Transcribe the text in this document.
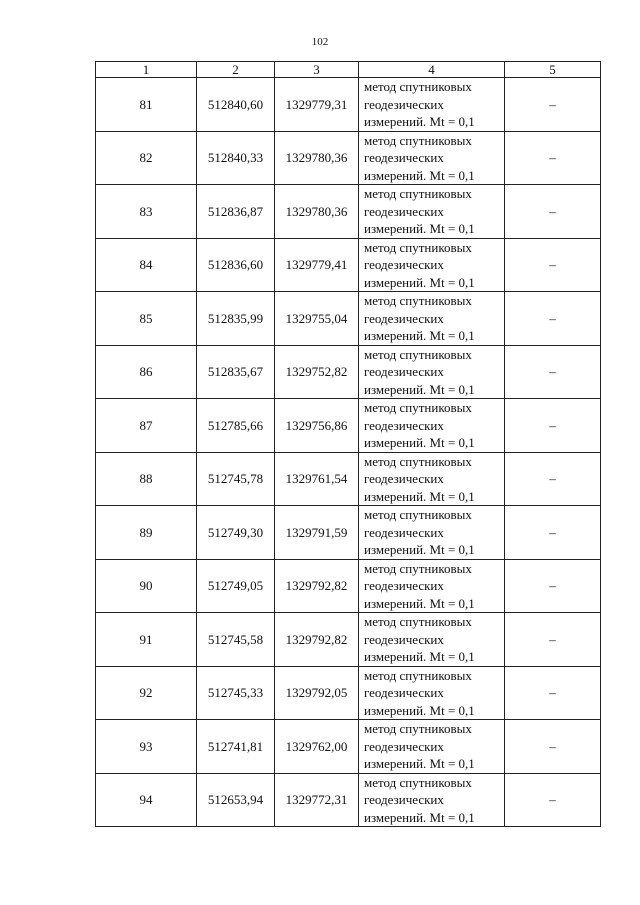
102
1	2	3	4	5
81	512840,60	1329779,31	метод спутниковых
геодезических
измерений. Mt = 0,1	–
82	512840,33	1329780,36	метод спутниковых
геодезических
измерений. Mt = 0,1	–
83	512836,87	1329780,36	метод спутниковых
геодезических
измерений. Mt = 0,1	–
84	512836,60	1329779,41	метод спутниковых
геодезических
измерений. Mt = 0,1	–
85	512835,99	1329755,04	метод спутниковых
геодезических
измерений. Mt = 0,1	–
86	512835,67	1329752,82	метод спутниковых
геодезических
измерений. Mt = 0,1	–
87	512785,66	1329756,86	метод спутниковых
геодезических
измерений. Mt = 0,1	–
88	512745,78	1329761,54	метод спутниковых
геодезических
измерений. Mt = 0,1	–
89	512749,30	1329791,59	метод спутниковых
геодезических
измерений. Mt = 0,1	–
90	512749,05	1329792,82	метод спутниковых
геодезических
измерений. Mt = 0,1	–
91	512745,58	1329792,82	метод спутниковых
геодезических
измерений. Mt = 0,1	–
92	512745,33	1329792,05	метод спутниковых
геодезических
измерений. Mt = 0,1	–
93	512741,81	1329762,00	метод спутниковых
геодезических
измерений. Mt = 0,1	–
94	512653,94	1329772,31	метод спутниковых
геодезических
измерений. Mt = 0,1	–
